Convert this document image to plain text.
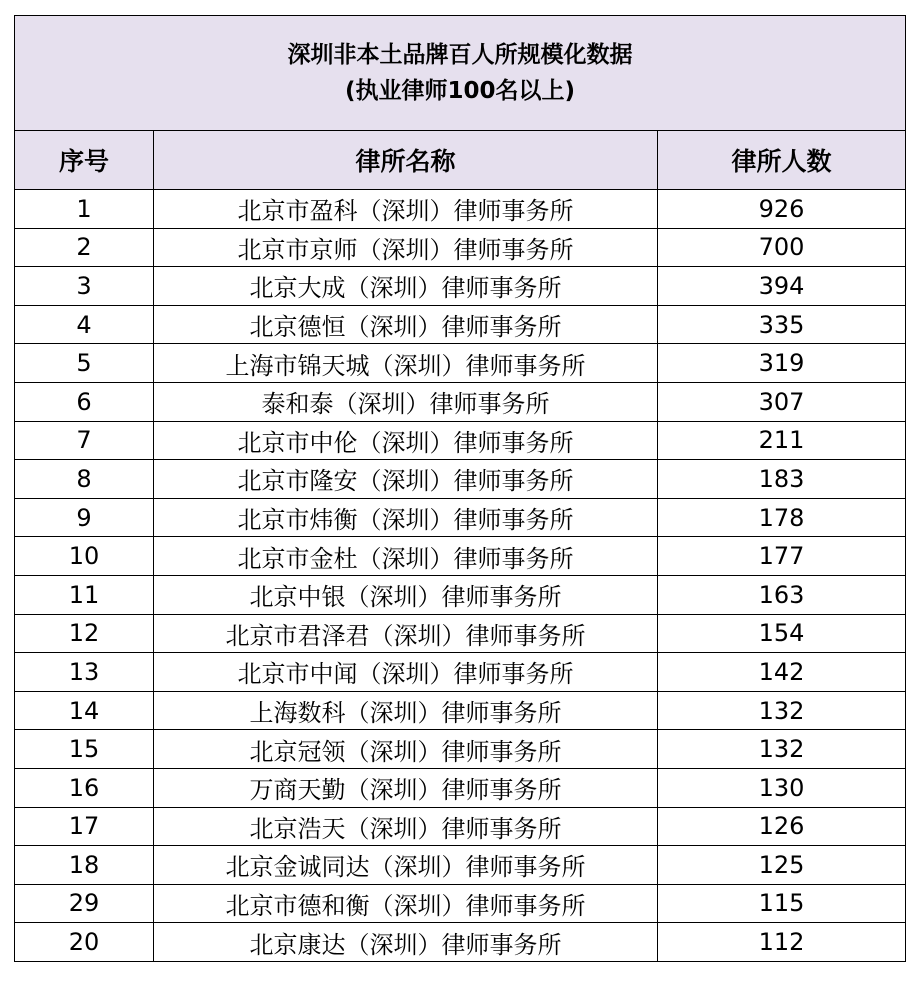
深圳非本土品牌百人所规模化数据
(执业律师100名以上)		

序号	律所名称	律所人数
1	北京市盈科（深圳）律师事务所	926
2	北京市京师（深圳）律师事务所	700
3	北京大成（深圳）律师事务所	394
4	北京德恒（深圳）律师事务所	335
5	上海市锦天城（深圳）律师事务所	319
6	泰和泰（深圳）律师事务所	307
7	北京市中伦（深圳）律师事务所	211
8	北京市隆安（深圳）律师事务所	183
9	北京市炜衡（深圳）律师事务所	178
10	北京市金杜（深圳）律师事务所	177
11	北京中银（深圳）律师事务所	163
12	北京市君泽君（深圳）律师事务所	154
13	北京市中闻（深圳）律师事务所	142
14	上海数科（深圳）律师事务所	132
15	北京冠领（深圳）律师事务所	132
16	万商天勤（深圳）律师事务所	130
17	北京浩天（深圳）律师事务所	126
18	北京金诚同达（深圳）律师事务所	125
29	北京市德和衡（深圳）律师事务所	115
20	北京康达（深圳）律师事务所	112
